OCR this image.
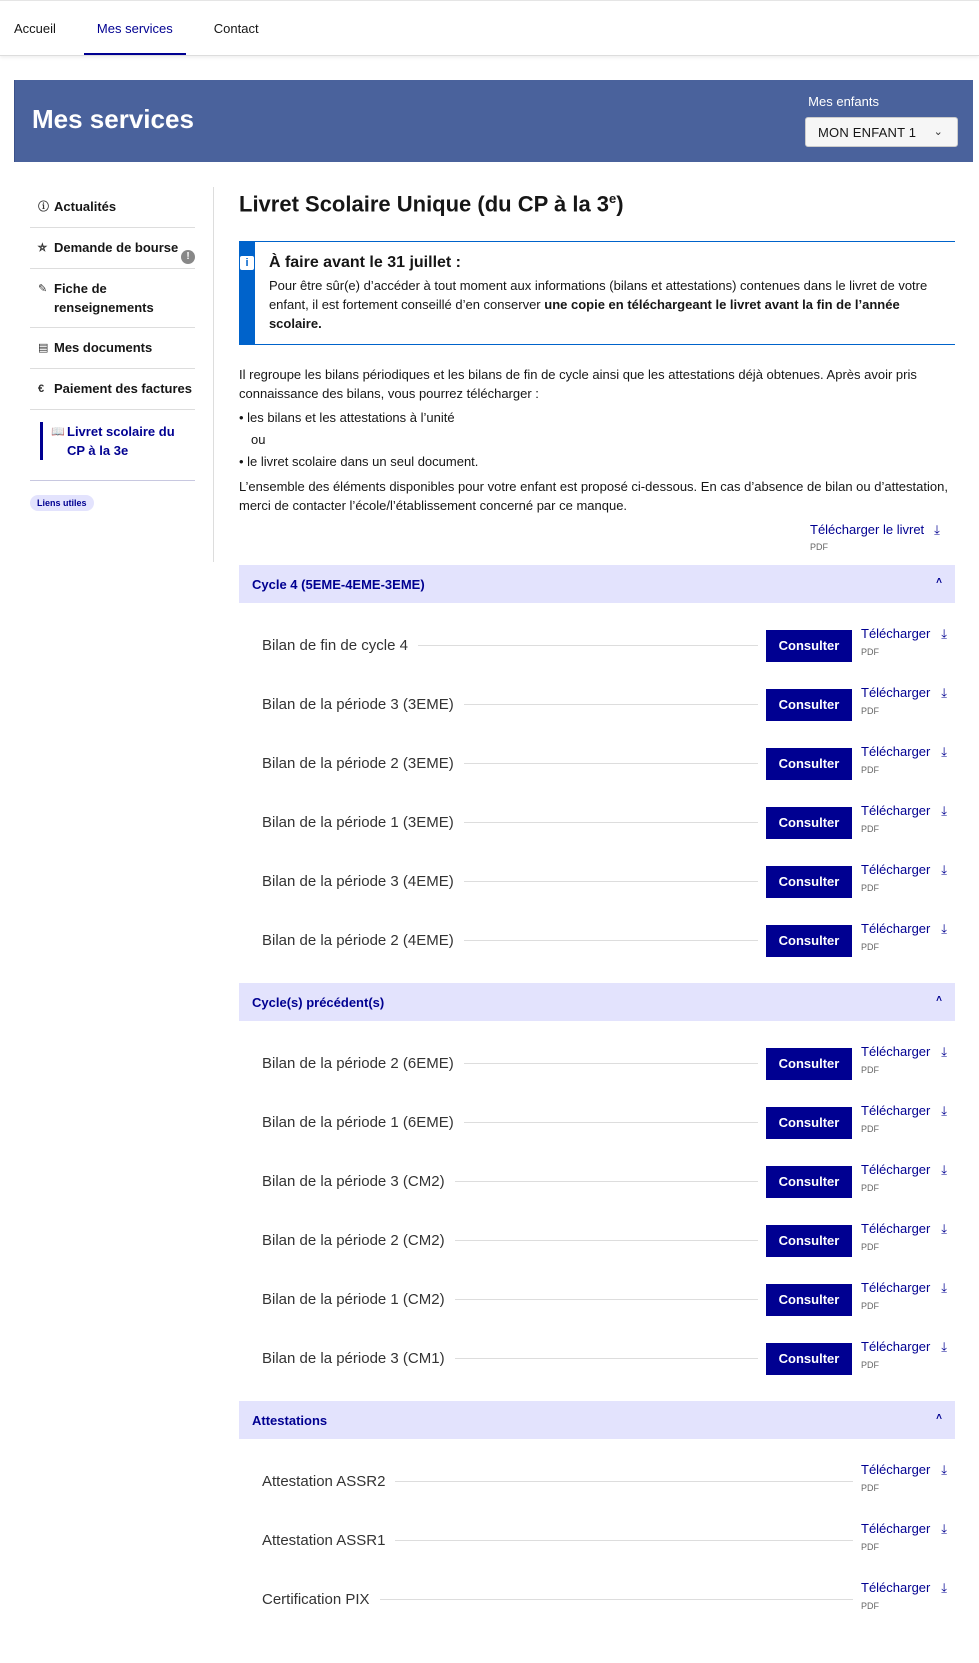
Accueil	Mes services	Contact
Mes services
Mes enfants
MON ENFANT 1 ⌄
ⓘ Actualités
⛦ Demande de bourse
!
✎ Fiche de renseignements
▤ Mes documents
€ Paiement des factures
📖 Livret scolaire du CP à la 3e
Liens utiles
Livret Scolaire Unique (du CP à la 3e)
i	À faire avant le 31 juillet :
Pour être sûr(e) d’accéder à tout moment aux informations (bilans et attestations) contenues dans le livret de votre enfant, il est fortement conseillé d’en conserver une copie en téléchargeant le livret avant la fin de l’année scolaire.

Il regroupe les bilans périodiques et les bilans de fin de cycle ainsi que les attestations déjà obtenues. Après avoir pris connaissance des bilans, vous pourrez télécharger :

• les bilans et les attestations à l’unité
ou
• le livret scolaire dans un seul document.

L’ensemble des éléments disponibles pour votre enfant est proposé ci-dessous. En cas d’absence de bilan ou d’attestation, merci de contacter l’école/l’établissement concerné par ce manque.

Télécharger le livret ⤓
PDF
Cycle 4 (5EME-4EME-3EME)	˄
Bilan de fin de cycle 4	Consulter
Télécharger ⤓
PDF
Bilan de la période 3 (3EME)	Consulter
Télécharger ⤓
PDF
Bilan de la période 2 (3EME)	Consulter
Télécharger ⤓
PDF
Bilan de la période 1 (3EME)	Consulter
Télécharger ⤓
PDF
Bilan de la période 3 (4EME)	Consulter
Télécharger ⤓
PDF
Bilan de la période 2 (4EME)	Consulter
Télécharger ⤓
PDF
Cycle(s) précédent(s)	˄
Bilan de la période 2 (6EME)	Consulter
Télécharger ⤓
PDF
Bilan de la période 1 (6EME)	Consulter
Télécharger ⤓
PDF
Bilan de la période 3 (CM2)	Consulter
Télécharger ⤓
PDF
Bilan de la période 2 (CM2)	Consulter
Télécharger ⤓
PDF
Bilan de la période 1 (CM2)	Consulter
Télécharger ⤓
PDF
Bilan de la période 3 (CM1)	Consulter
Télécharger ⤓
PDF
Attestations	˄
Attestation ASSR2
Télécharger ⤓
PDF
Attestation ASSR1
Télécharger ⤓
PDF
Certification PIX
Télécharger ⤓
PDF
